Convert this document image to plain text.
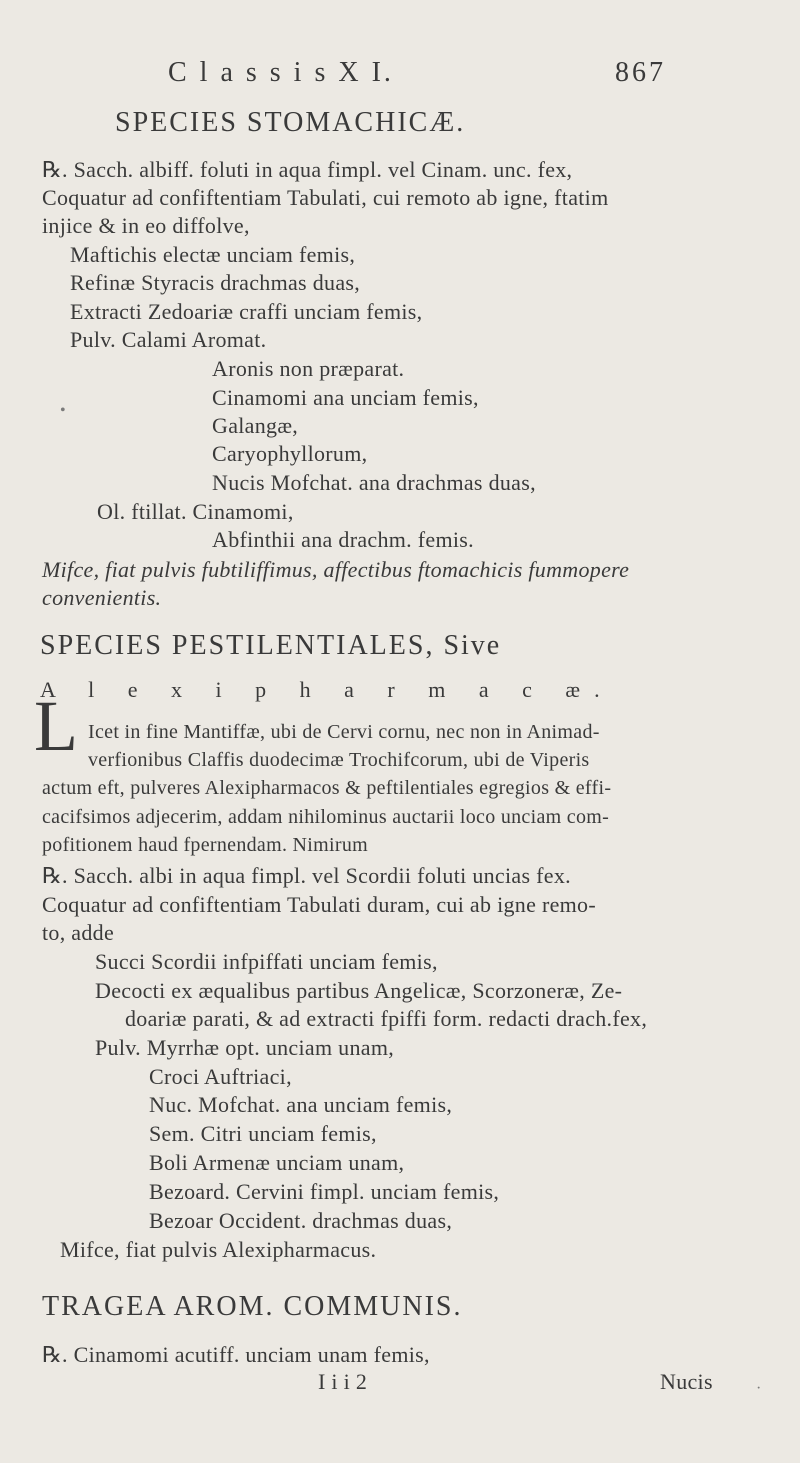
C l a s s i s X I.	867
SPECIES STOMACHICÆ.
℞. Sacch. albiff. foluti in aqua fimpl. vel Cinam. unc. fex,
Coquatur ad confiftentiam Tabulati, cui remoto ab igne, ftatim
injice & in eo diffolve,
Maftichis electæ unciam femis,
Refinæ Styracis drachmas duas,
Extracti Zedoariæ craffi unciam femis,
Pulv. Calami Aromat.
Aronis non præparat.
Cinamomi ana unciam femis,
Galangæ,
Caryophyllorum,
Nucis Mofchat. ana drachmas duas,
Ol. ftillat. Cinamomi,
Abfinthii ana drachm. femis.
Mifce, fiat pulvis fubtiliffimus, affectibus ftomachicis fummopere
convenientis.
SPECIES PESTILENTIALES, Sive
A l e x i p h a r m a c æ.
L Icet in fine Mantiffæ, ubi de Cervi cornu, nec non in Animad-
verfionibus Claffis duodecimæ Trochifcorum, ubi de Viperis
actum eft, pulveres Alexipharmacos & peftilentiales egregios & effi-
cacifsimos adjecerim, addam nihilominus auctarii loco unciam com-
pofitionem haud fpernendam. Nimirum
℞. Sacch. albi in aqua fimpl. vel Scordii foluti uncias fex.
Coquatur ad confiftentiam Tabulati duram, cui ab igne remo-
to, adde
Succi Scordii infpiffati unciam femis,
Decocti ex æqualibus partibus Angelicæ, Scorzoneræ, Ze-
doariæ parati, & ad extracti fpiffi form. redacti drach.fex,
Pulv. Myrrhæ opt. unciam unam,
Croci Auftriaci,
Nuc. Mofchat. ana unciam femis,
Sem. Citri unciam femis,
Boli Armenæ unciam unam,
Bezoard. Cervini fimpl. unciam femis,
Bezoar Occident. drachmas duas,
Mifce, fiat pulvis Alexipharmacus.
TRAGEA AROM. COMMUNIS.
℞. Cinamomi acutiff. unciam unam femis,
I i i 2	Nucis
•
·
